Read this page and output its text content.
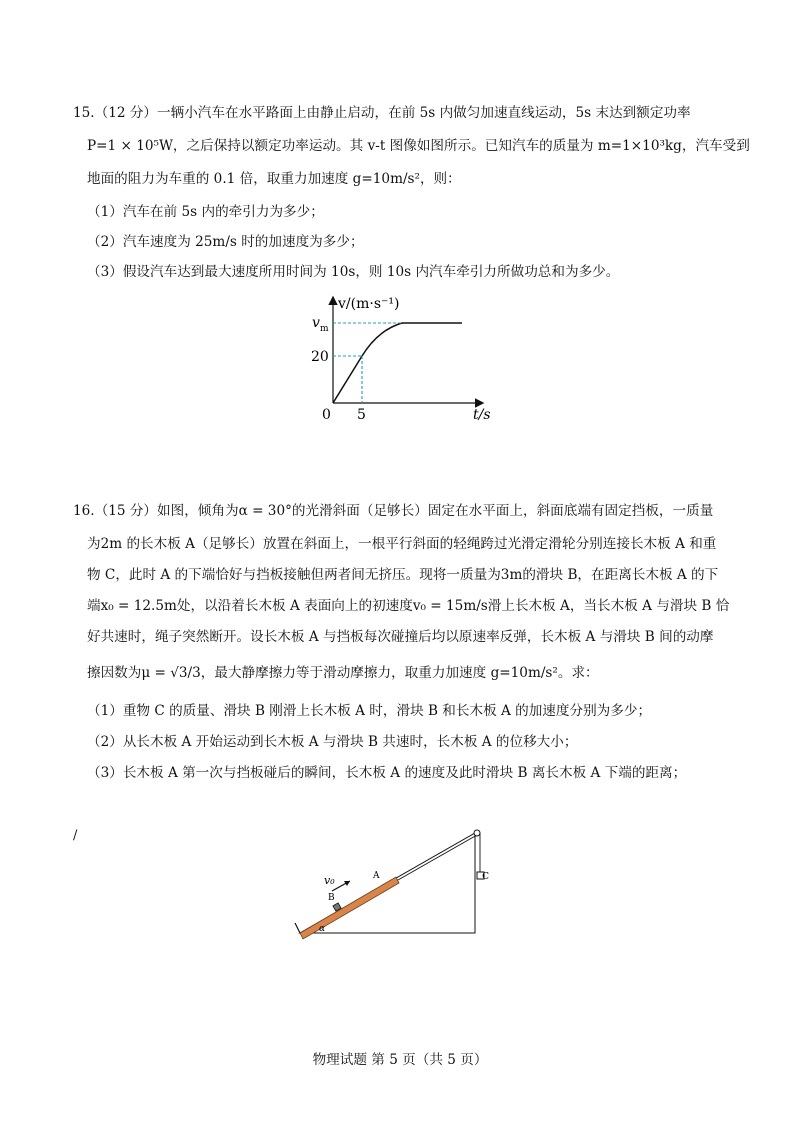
15.（12 分）一辆小汽车在水平路面上由静止启动，在前 5s 内做匀加速直线运动，5s 末达到额定功率
P=1 × 10⁵W，之后保持以额定功率运动。其 v-t 图像如图所示。已知汽车的质量为 m=1×10³kg，汽车受到
地面的阻力为车重的 0.1 倍，取重力加速度 g=10m/s²，则：
（1）汽车在前 5s 内的牵引力为多少；
（2）汽车速度为 25m/s 时的加速度为多少；
（3）假设汽车达到最大速度所用时间为 10s，则 10s 内汽车牵引力所做功总和为多少。
v/(m·s⁻¹)
v m
20
0 5	t/s
16.（15 分）如图，倾角为α = 30°的光滑斜面（足够长）固定在水平面上，斜面底端有固定挡板，一质量
为2m 的长木板 A（足够长）放置在斜面上，一根平行斜面的轻绳跨过光滑定滑轮分别连接长木板 A 和重
物 C，此时 A 的下端恰好与挡板接触但两者间无挤压。现将一质量为3m的滑块 B，在距离长木板 A 的下
端x₀ = 12.5m处，以沿着长木板 A 表面向上的初速度v₀ = 15m/s滑上长木板 A，当长木板 A 与滑块 B 恰
好共速时，绳子突然断开。设长木板 A 与挡板每次碰撞后均以原速率反弹，长木板 A 与滑块 B 间的动摩
擦因数为μ = √3/3，最大静摩擦力等于滑动摩擦力，取重力加速度 g=10m/s²。求：
（1）重物 C 的质量、滑块 B 刚滑上长木板 A 时，滑块 B 和长木板 A 的加速度分别为多少；
（2）从长木板 A 开始运动到长木板 A 与滑块 B 共速时，长木板 A 的位移大小；
（3）长木板 A 第一次与挡板碰后的瞬间，长木板 A 的速度及此时滑块 B 离长木板 A 下端的距离；
v₀	A
B
C
α
/
物理试题 第 5 页（共 5 页）
